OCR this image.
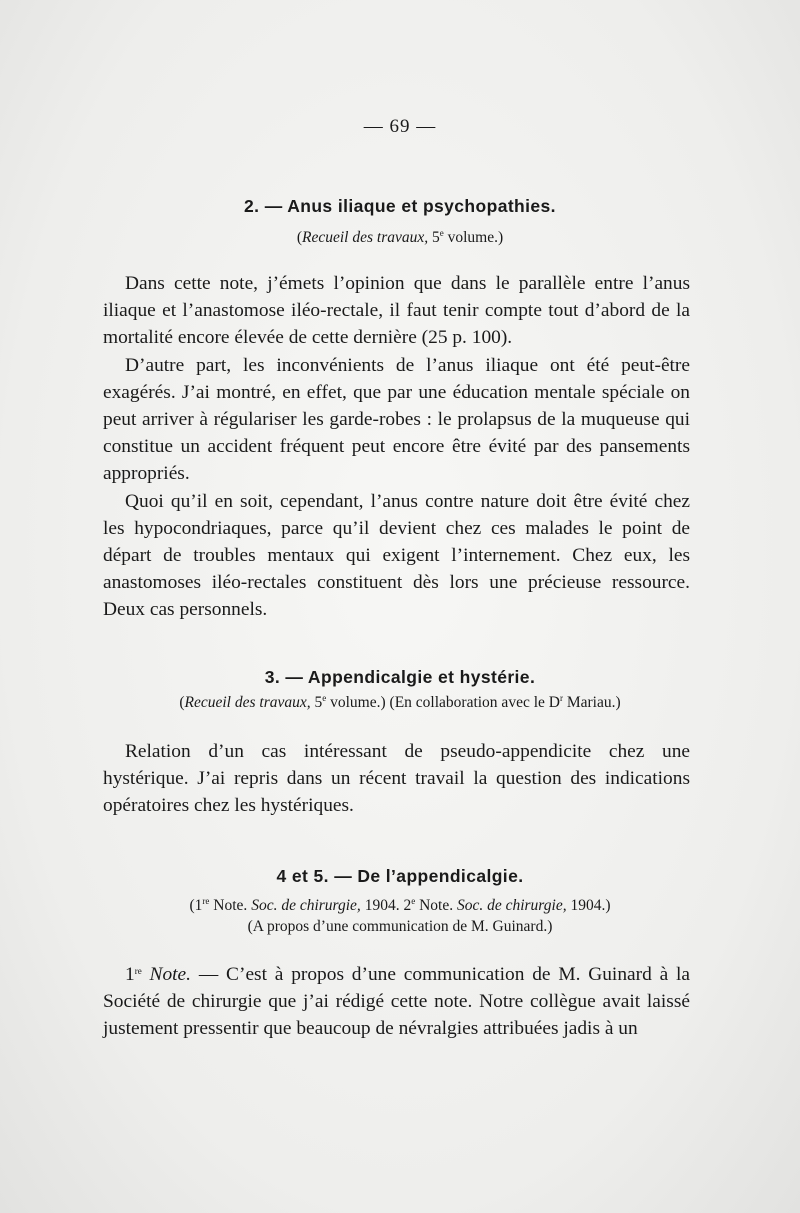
— 69 —
2. — Anus iliaque et psychopathies.
(Recueil des travaux, 5e volume.)

Dans cette note, j’émets l’opinion que dans le parallèle entre l’anus iliaque et l’anastomose iléo-rectale, il faut tenir compte tout d’abord de la mortalité encore élevée de cette dernière (25 p. 100).

D’autre part, les inconvénients de l’anus iliaque ont été peut-être exagérés. J’ai montré, en effet, que par une éducation mentale spéciale on peut arriver à régulariser les garde-robes : le prolapsus de la muqueuse qui constitue un accident fréquent peut encore être évité par des pansements appropriés.

Quoi qu’il en soit, cependant, l’anus contre nature doit être évité chez les hypocondriaques, parce qu’il devient chez ces malades le point de départ de troubles mentaux qui exigent l’internement. Chez eux, les anastomoses iléo-rectales constituent dès lors une précieuse ressource. Deux cas personnels.

3. — Appendicalgie et hystérie.
(Recueil des travaux, 5e volume.) (En collaboration avec le $D^r$ Mariau.)

Relation d’un cas intéressant de pseudo-appendicite chez une hystérique. J’ai repris dans un récent travail la question des indications opératoires chez les hystériques.

4 et 5. — De l’appendicalgie.
(1re Note. Soc. de chirurgie, 1904. 2e Note. Soc. de chirurgie, 1904.)
(A propos d’une communication de M. Guinard.)

1re Note. — C’est à propos d’une communication de M. Guinard à la Société de chirurgie que j’ai rédigé cette note. Notre collègue avait laissé justement pressentir que beaucoup de névralgies attribuées jadis à un
